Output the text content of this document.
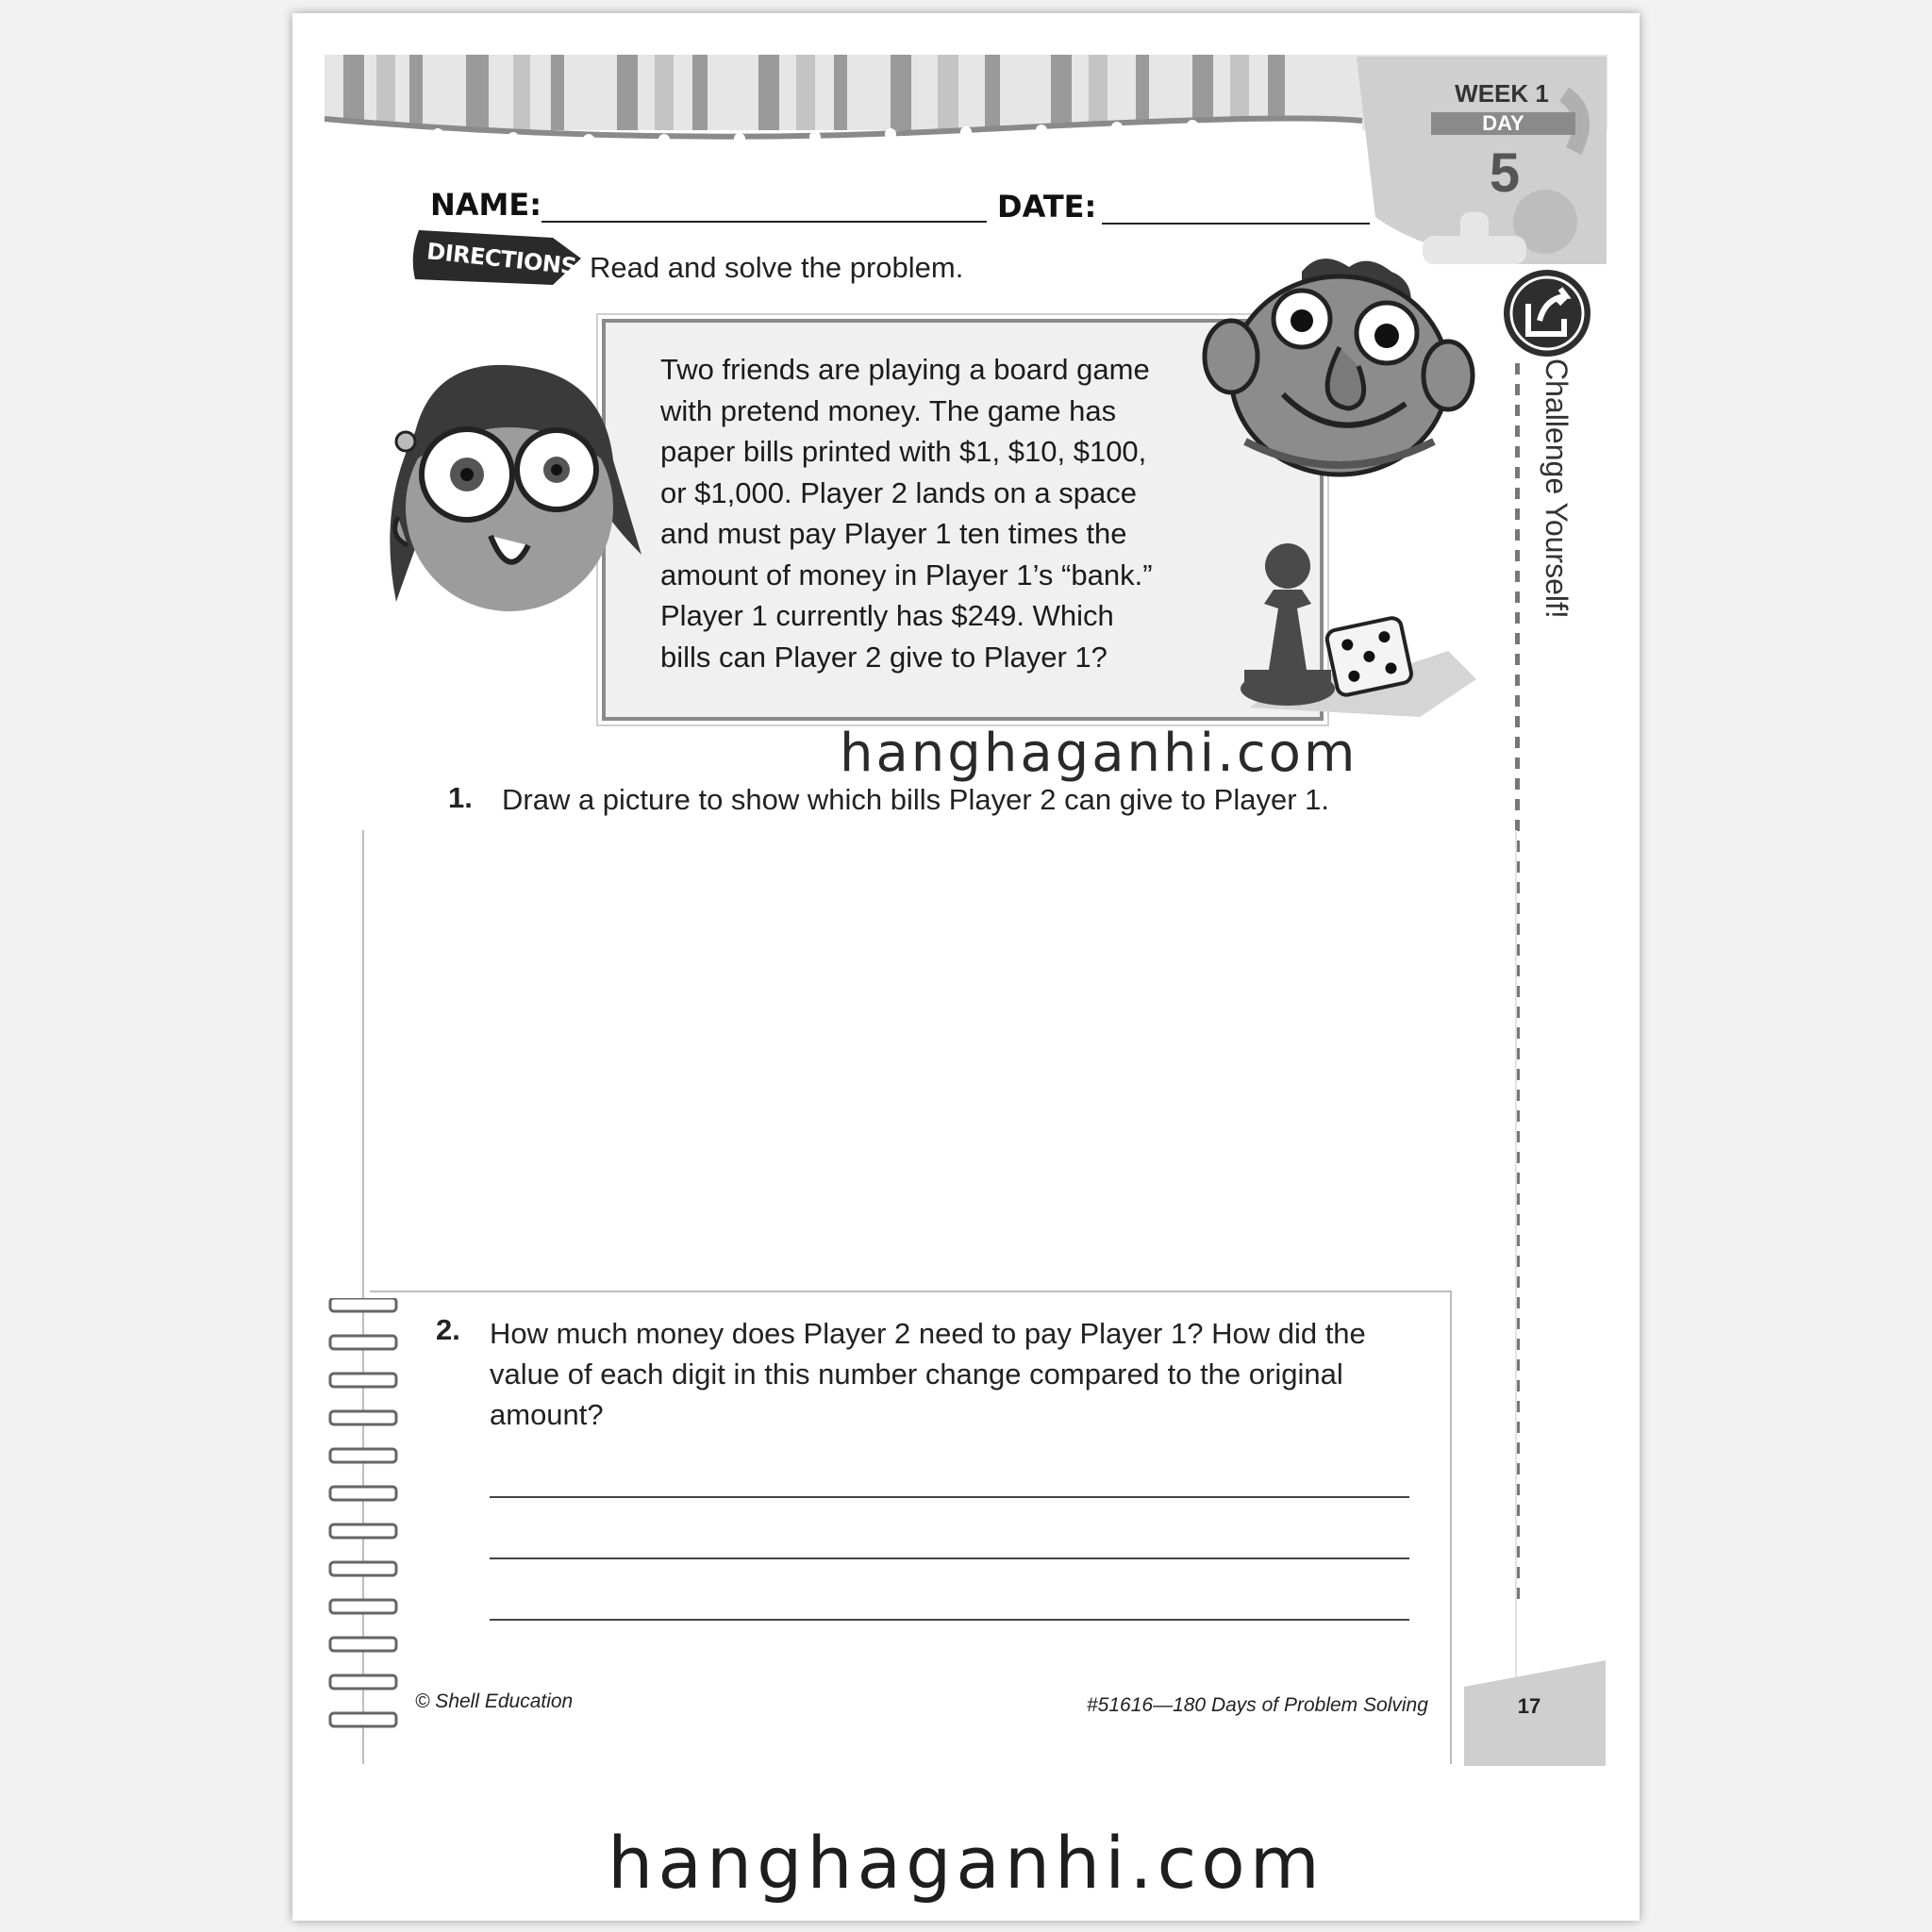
WEEK 1
DAY
5
NAME:	DATE:
DIRECTIONS: Read and solve the problem.
Two friends are playing a board game
with pretend money. The game has
paper bills printed with $1, $10, $100,
or $1,000. Player 2 lands on a space
and must pay Player 1 ten times the
amount of money in Player 1’s “bank.”
Player 1 currently has $249. Which
bills can Player 2 give to Player 1?
Challenge Yourself!
hanghaganhi.com
1. Draw a picture to show which bills Player 2 can give to Player 1.
2. How much money does Player 2 need to pay Player 1? How did the value of each digit in this number change compared to the original amount?
© Shell Education	#51616—180 Days of Problem Solving	17
hanghaganhi.com
